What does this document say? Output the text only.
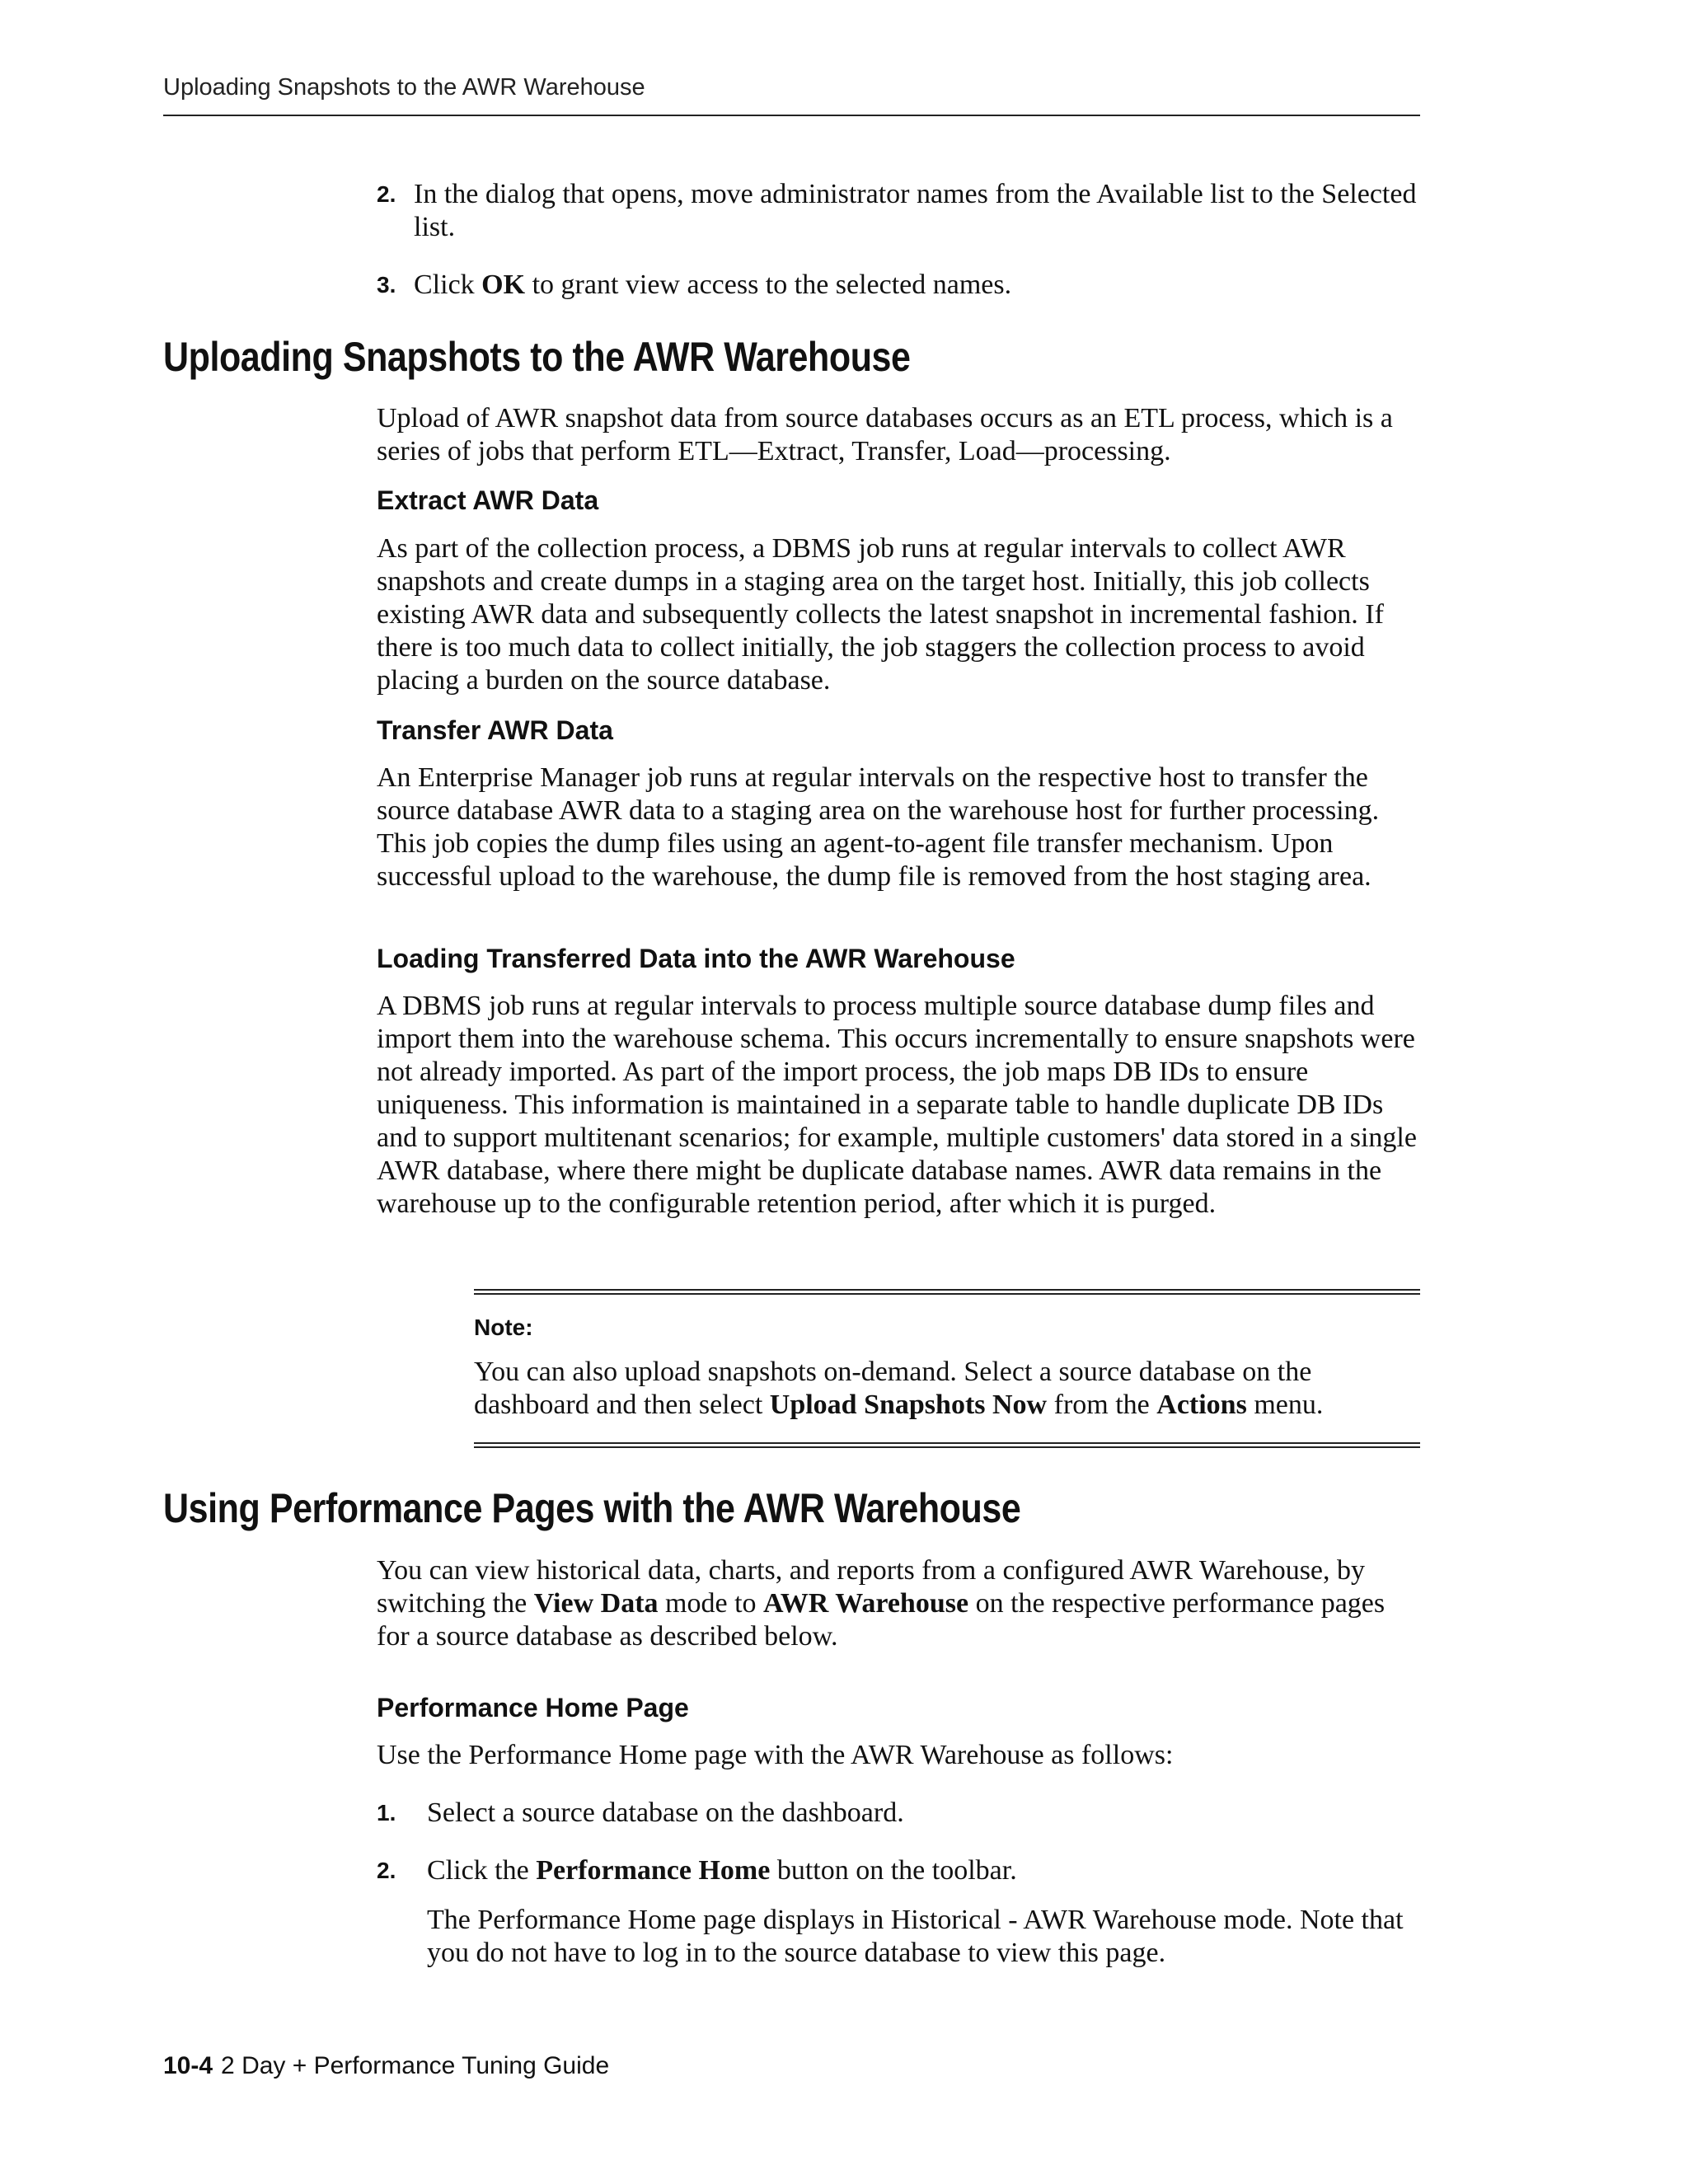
Uploading Snapshots to the AWR Warehouse
2. In the dialog that opens, move administrator names from the Available list to the Selected list.

3. Click OK to grant view access to the selected names.

Uploading Snapshots to the AWR Warehouse

Upload of AWR snapshot data from source databases occurs as an ETL process, which is a series of jobs that perform ETL—Extract, Transfer, Load—processing.

Extract AWR Data

As part of the collection process, a DBMS job runs at regular intervals to collect AWR snapshots and create dumps in a staging area on the target host. Initially, this job collects existing AWR data and subsequently collects the latest snapshot in incremental fashion. If there is too much data to collect initially, the job staggers the collection process to avoid placing a burden on the source database.

Transfer AWR Data

An Enterprise Manager job runs at regular intervals on the respective host to transfer the source database AWR data to a staging area on the warehouse host for further processing. This job copies the dump files using an agent-to-agent file transfer mechanism. Upon successful upload to the warehouse, the dump file is removed from the host staging area.

Loading Transferred Data into the AWR Warehouse

A DBMS job runs at regular intervals to process multiple source database dump files and import them into the warehouse schema. This occurs incrementally to ensure snapshots were not already imported. As part of the import process, the job maps DB IDs to ensure uniqueness. This information is maintained in a separate table to handle duplicate DB IDs and to support multitenant scenarios; for example, multiple customers' data stored in a single AWR database, where there might be duplicate database names. AWR data remains in the warehouse up to the configurable retention period, after which it is purged.

Note:

You can also upload snapshots on-demand. Select a source database on the dashboard and then select Upload Snapshots Now from the Actions menu.

Using Performance Pages with the AWR Warehouse

You can view historical data, charts, and reports from a configured AWR Warehouse, by switching the View Data mode to AWR Warehouse on the respective performance pages for a source database as described below.

Performance Home Page

Use the Performance Home page with the AWR Warehouse as follows:

1. Select a source database on the dashboard.

2. Click the Performance Home button on the toolbar.

The Performance Home page displays in Historical - AWR Warehouse mode. Note that you do not have to log in to the source database to view this page.

10-4 2 Day + Performance Tuning Guide
